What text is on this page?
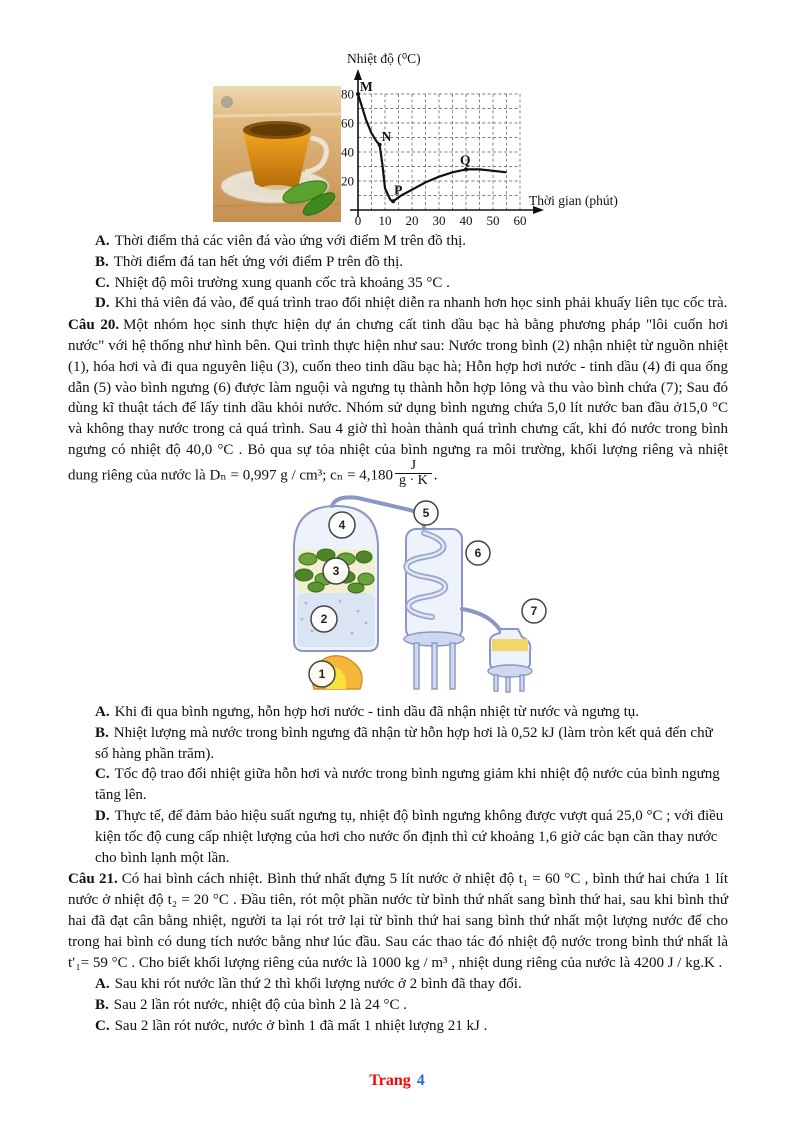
20
40
60
80
0 10 20 30 40 50 60
Nhiệt độ (⁰C)
Thời gian (phút)
M
N
P
Q
A. Thời điểm thả các viên đá vào ứng với điểm M trên đồ thị.
B. Thời điểm đá tan hết ứng với điểm P trên đồ thị.
C. Nhiệt độ môi trường xung quanh cốc trà khoảng 35 °C .
D. Khi thả viên đá vào, để quá trình trao đổi nhiệt diễn ra nhanh hơn học sinh phải khuấy liên tục cốc trà.

Câu 20. Một nhóm học sinh thực hiện dự án chưng cất tinh dầu bạc hà bằng phương pháp "lôi cuốn hơi nước" với hệ thống như hình bên. Qui trình thực hiện như sau: Nước trong bình (2) nhận nhiệt từ nguồn nhiệt (1), hóa hơi và đi qua nguyên liệu (3), cuốn theo tinh dầu bạc hà; Hỗn hợp hơi nước - tinh dầu (4) đi qua ống dẫn (5) vào bình ngưng (6) được làm nguội và ngưng tụ thành hỗn hợp lỏng và thu vào bình chứa (7); Sau đó dùng kĩ thuật tách để lấy tinh dầu khỏi nước. Nhóm sử dụng bình ngưng chứa 5,0 lít nước ban đầu ở15,0 °C và không thay nước trong cả quá trình. Sau 4 giờ thì hoàn thành quá trình chưng cất, khi đó nước trong bình ngưng có nhiệt độ 40,0 °C . Bỏ qua sự tỏa nhiệt của bình ngưng ra môi trường, khối lượng riêng và nhiệt dung riêng của nước là Dₙ = 0,997 g / cm³; $c_n = 4,180 \frac{J}{g \cdot K}$ .

1
2
3
4
5
6
7
A. Khi đi qua bình ngưng, hỗn hợp hơi nước - tinh dầu đã nhận nhiệt từ nước và ngưng tụ.
B. Nhiệt lượng mà nước trong bình ngưng đã nhận từ hỗn hợp hơi là 0,52 kJ (làm tròn kết quả đến chữ số hàng phần trăm).
C. Tốc độ trao đổi nhiệt giữa hỗn hơi và nước trong bình ngưng giảm khi nhiệt độ nước của bình ngưng tăng lên.
D. Thực tế, để đảm bảo hiệu suất ngưng tụ, nhiệt độ bình ngưng không được vượt quá 25,0 °C ; với điều kiện tốc độ cung cấp nhiệt lượng của hơi cho nước ổn định thì cứ khoảng 1,6 giờ các bạn cần thay nước cho bình lạnh một lần.

Câu 21. Có hai bình cách nhiệt. Bình thứ nhất đựng 5 lít nước ở nhiệt độ t₁ = 60 °C , bình thứ hai chứa 1 lít nước ở nhiệt độ t₂ = 20 °C . Đầu tiên, rót một phần nước từ bình thứ nhất sang bình thứ hai, sau khi bình thứ hai đã đạt cân bằng nhiệt, người ta lại rót trở lại từ bình thứ hai sang bình thứ nhất một lượng nước để cho trong hai bình có dung tích nước bằng như lúc đầu. Sau các thao tác đó nhiệt độ nước trong bình thứ nhất là t′₁= 59 °C . Cho biết khối lượng riêng của nước là 1000 kg / m³ , nhiệt dung riêng của nước là 4200 J / kg.K .

A. Sau khi rót nước lần thứ 2 thì khối lượng nước ở 2 bình đã thay đổi.
B. Sau 2 lần rót nước, nhiệt độ của bình 2 là 24 °C .
C. Sau 2 lần rót nước, nước ở bình 1 đã mất 1 nhiệt lượng 21 kJ .
Trang 4
